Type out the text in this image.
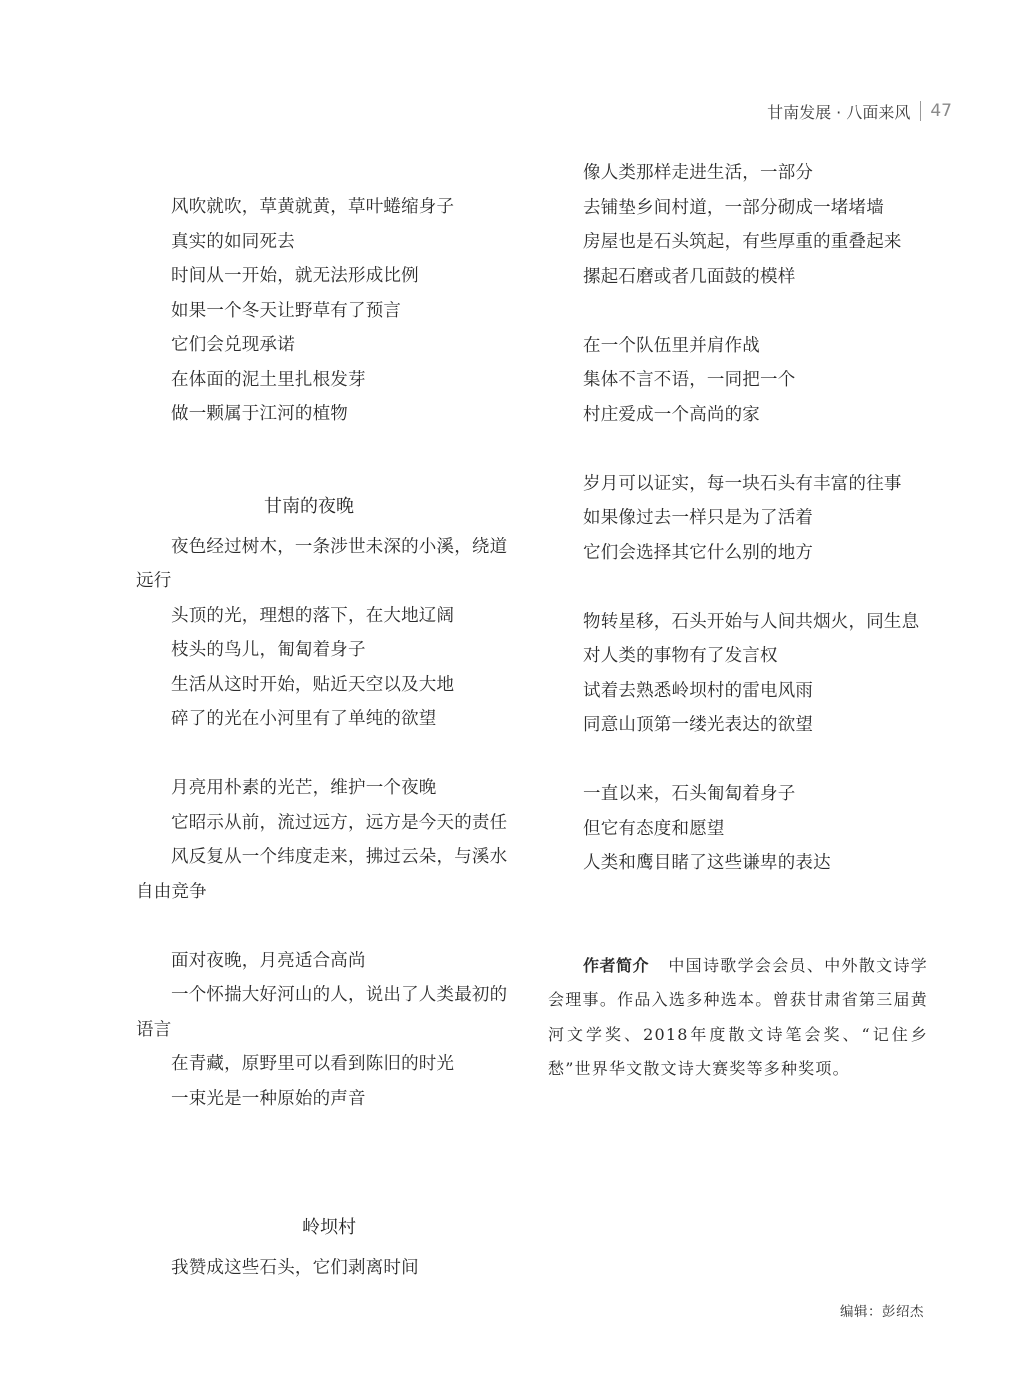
甘南发展 · 八面来风 47
风吹就吹，草黄就黄，草叶蜷缩身子
真实的如同死去
时间从一开始，就无法形成比例
如果一个冬天让野草有了预言
它们会兑现承诺
在体面的泥土里扎根发芽
做一颗属于江河的植物
甘南的夜晚
夜色经过树木，一条涉世未深的小溪，绕道远行
头顶的光，理想的落下，在大地辽阔
枝头的鸟儿，匍匐着身子
生活从这时开始，贴近天空以及大地
碎了的光在小河里有了单纯的欲望
月亮用朴素的光芒，维护一个夜晚
它昭示从前，流过远方，远方是今天的责任
风反复从一个纬度走来，拂过云朵，与溪水自由竞争
面对夜晚，月亮适合高尚
一个怀揣大好河山的人，说出了人类最初的语言
在青藏，原野里可以看到陈旧的时光
一束光是一种原始的声音
岭坝村
我赞成这些石头，它们剥离时间
像人类那样走进生活，一部分
去铺垫乡间村道，一部分砌成一堵堵墙
房屋也是石头筑起，有些厚重的重叠起来
摞起石磨或者几面鼓的模样
在一个队伍里并肩作战
集体不言不语，一同把一个
村庄爱成一个高尚的家
岁月可以证实，每一块石头有丰富的往事
如果像过去一样只是为了活着
它们会选择其它什么别的地方
物转星移，石头开始与人间共烟火，同生息
对人类的事物有了发言权
试着去熟悉岭坝村的雷电风雨
同意山顶第一缕光表达的欲望
一直以来，石头匍匐着身子
但它有态度和愿望
人类和鹰目睹了这些谦卑的表达
作者简介 中国诗歌学会会员、中外散文诗学会理事。作品入选多种选本。曾获甘肃省第三届黄河文学奖、2018年度散文诗笔会奖、“记住乡愁”世界华文散文诗大赛奖等多种奖项。
编辑：彭绍杰
